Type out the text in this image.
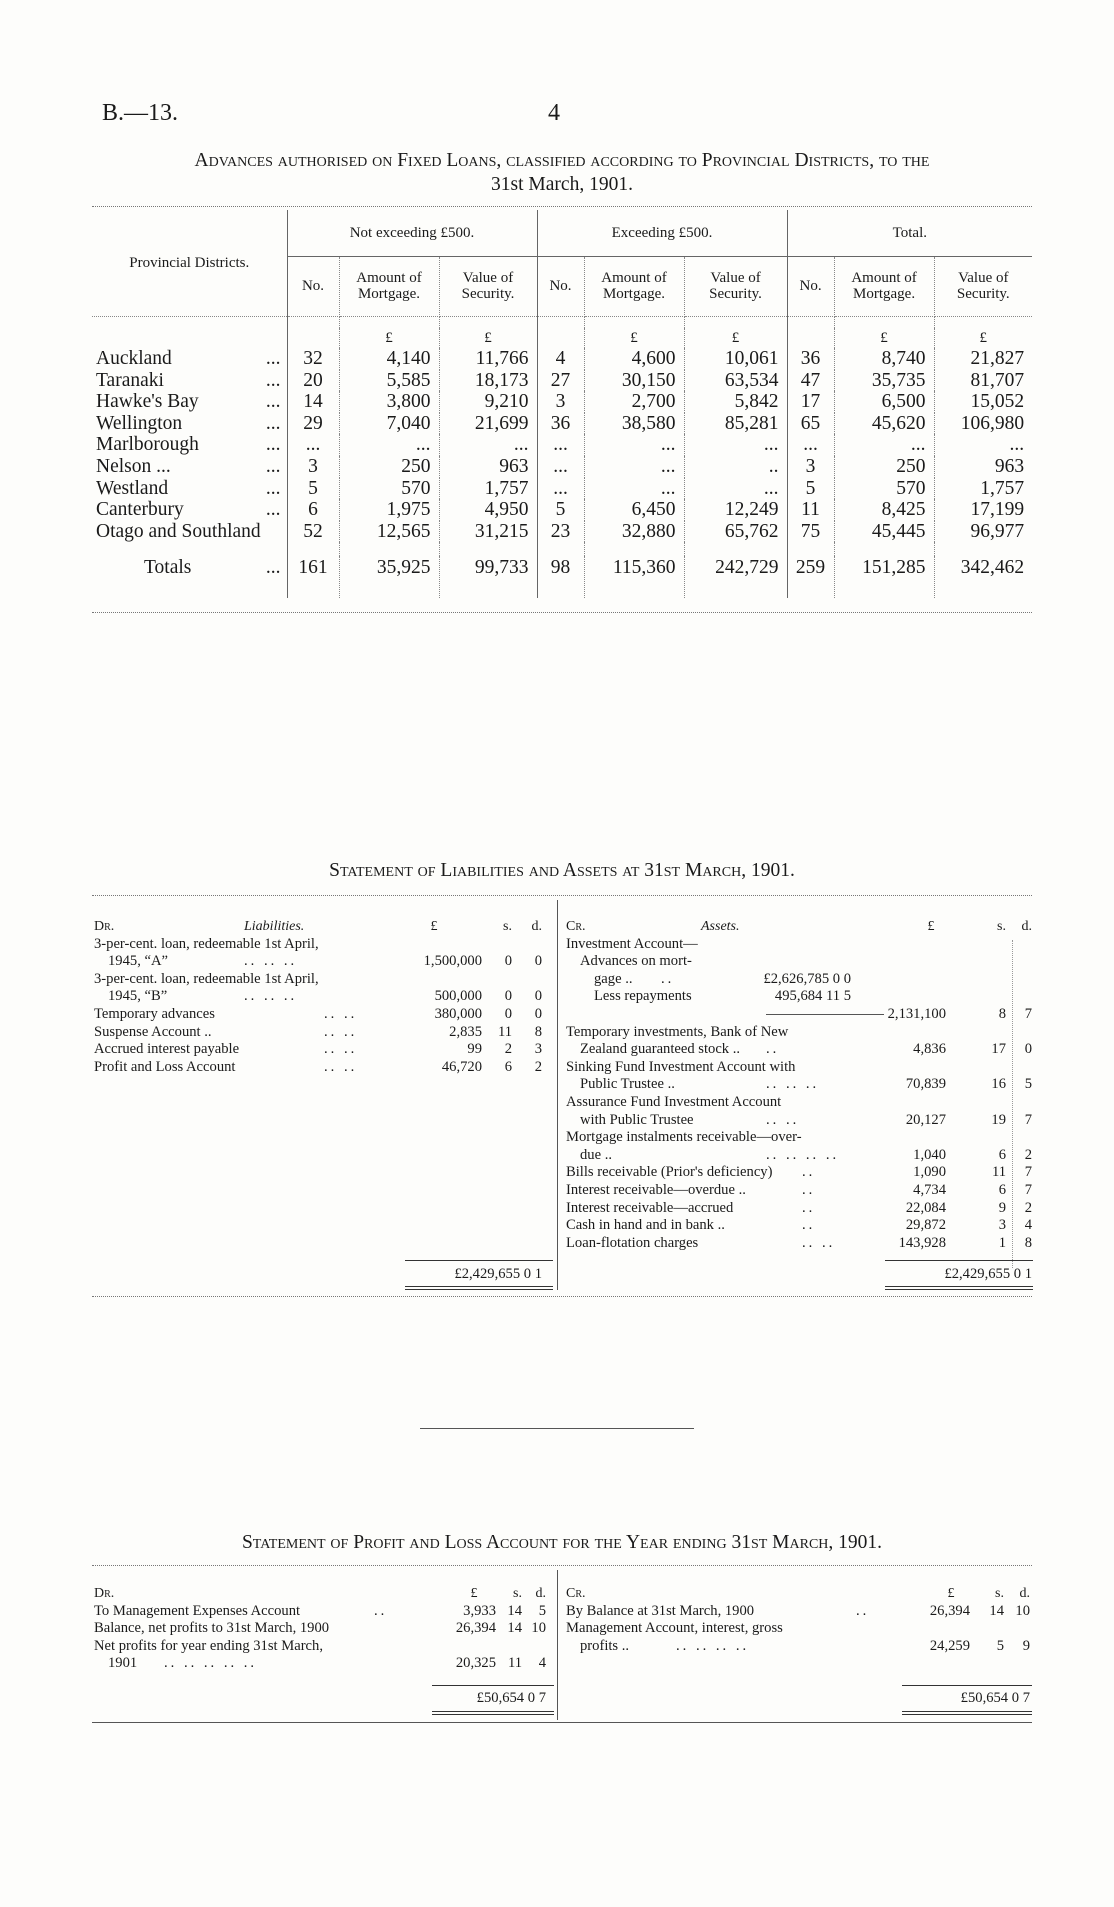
B.—13.	4
Advances authorised on Fixed Loans, classified according to Provincial Districts, to the
31st March, 1901.
Provincial Districts.	Not exceeding £500.			Exceeding £500.			Total.		
	No.	Amount of Mortgage.	Value of Security.	No.	Amount of Mortgage.	Value of Security.	No.	Amount of Mortgage.	Value of Security.

		£	£		£	£		£	£
Auckland ...	32	4,140	11,766	4	4,600	10,061	36	8,740	21,827
Taranaki ...	20	5,585	18,173	27	30,150	63,534	47	35,735	81,707
Hawke's Bay ...	14	3,800	9,210	3	2,700	5,842	17	6,500	15,052
Wellington ...	29	7,040	21,699	36	38,580	85,281	65	45,620	106,980
Marlborough ...	...	...	...	...	...	...	...	...	...
Nelson ... ...	3	250	963	...	...	..	3	250	963
Westland ...	5	570	1,757	...	...	...	5	570	1,757
Canterbury ...	6	1,975	4,950	5	6,450	12,249	11	8,425	17,199
Otago and Southland	52	12,565	31,215	23	32,880	65,762	75	45,445	96,977

Totals ...	161	35,925	99,733	98	115,360	242,729	259	151,285	342,462
Statement of Liabilities and Assets at 31st March, 1901.
Dr.	Liabilities.	£	s.	d.
3-per-cent. loan, redeemable 1st April,
1945, “A”	.. .. ..	1,500,000	0	0
3-per-cent. loan, redeemable 1st April,
1945, “B”	.. .. ..	500,000	0	0
Temporary advances	.. ..	380,000	0	0
Suspense Account ..	.. ..	2,835	11	8
Accrued interest payable	.. ..	99	2	3
Profit and Loss Account	.. ..	46,720	6	2
£2,429,655 0 1
Cr.	Assets.	£	s.	d.
Investment Account—
Advances on mort-
gage .. ..	£2,626,785 0 0
Less repayments	495,684 11 5
2,131,100	8	7
Temporary investments, Bank of New
Zealand guaranteed stock .. ..	4,836	17	0
Sinking Fund Investment Account with
Public Trustee ..	.. .. ..	70,839	16	5
Assurance Fund Investment Account
with Public Trustee	.. ..	20,127	19	7
Mortgage instalments receivable—over-
due ..	.. .. .. ..	1,040	6	2
Bills receivable (Prior's deficiency) ..	1,090	11	7
Interest receivable—overdue ..	..	4,734	6	7
Interest receivable—accrued	..	22,084	9	2
Cash in hand and in bank ..	..	29,872	3	4
Loan-flotation charges	.. ..	143,928	1	8
£2,429,655 0 1
Statement of Profit and Loss Account for the Year ending 31st March, 1901.
Dr.	£	s. d.
To Management Expenses Account	..	3,933 14	5
Balance, net profits to 31st March, 1900	26,394 14 10
Net profits for year ending 31st March,
1901 .. .. .. .. ..	20,325 11	4
£50,654 0 7
Cr.	£	s.	d.
By Balance at 31st March, 1900	..	26,394	14 10
Management Account, interest, gross
profits ..	.. .. .. ..	24,259	5	9
£50,654 0 7
